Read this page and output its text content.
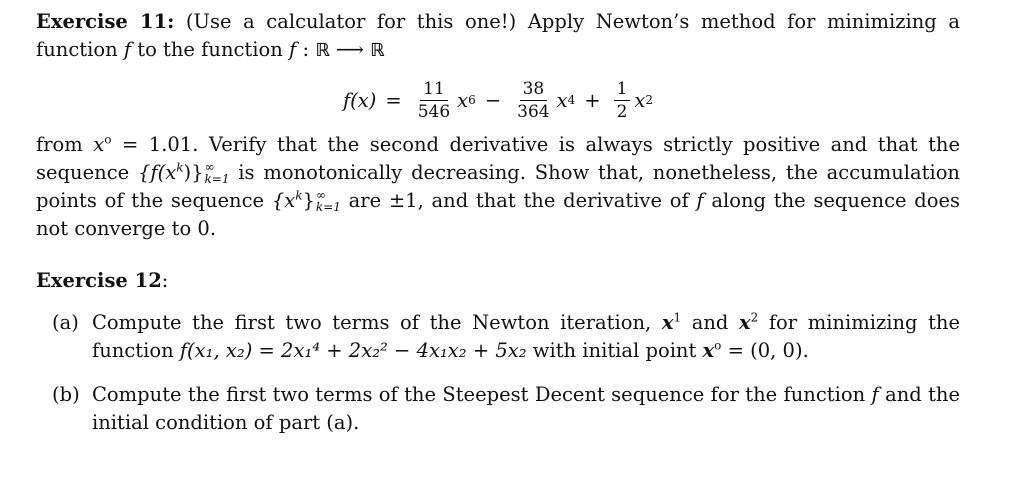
Exercise 11: (Use a calculator for this one!) Apply Newton’s method for minimizing a function f to the function f : ℝ ⟶ ℝ

$f(x) = \frac{11}{546}$ x $6 - \frac{38}{364}$ x $4 + \frac{1}{2}$ x 2

from $x^o = 1.01$. Verify that the second derivative is always strictly positive and that the sequence $\{f(x^k)\}$ ∞
k=1 is monotonically decreasing. Show that, nonetheless, the accumulation points of the sequence $\{x^k\}$ ∞
k=1 are ±1, and that the derivative of f along the sequence does not converge to 0.

Exercise 12:
(a) Compute the first two terms of the Newton iteration, $x^1$ and $x^2$ for minimizing the function f(x₁, x₂) = 2x₁⁴ + 2x₂² − 4x₁x₂ + 5x₂ with initial point $x^o = (0$, 0).
(b) Compute the first two terms of the Steepest Decent sequence for the function f and the initial condition of part (a).
